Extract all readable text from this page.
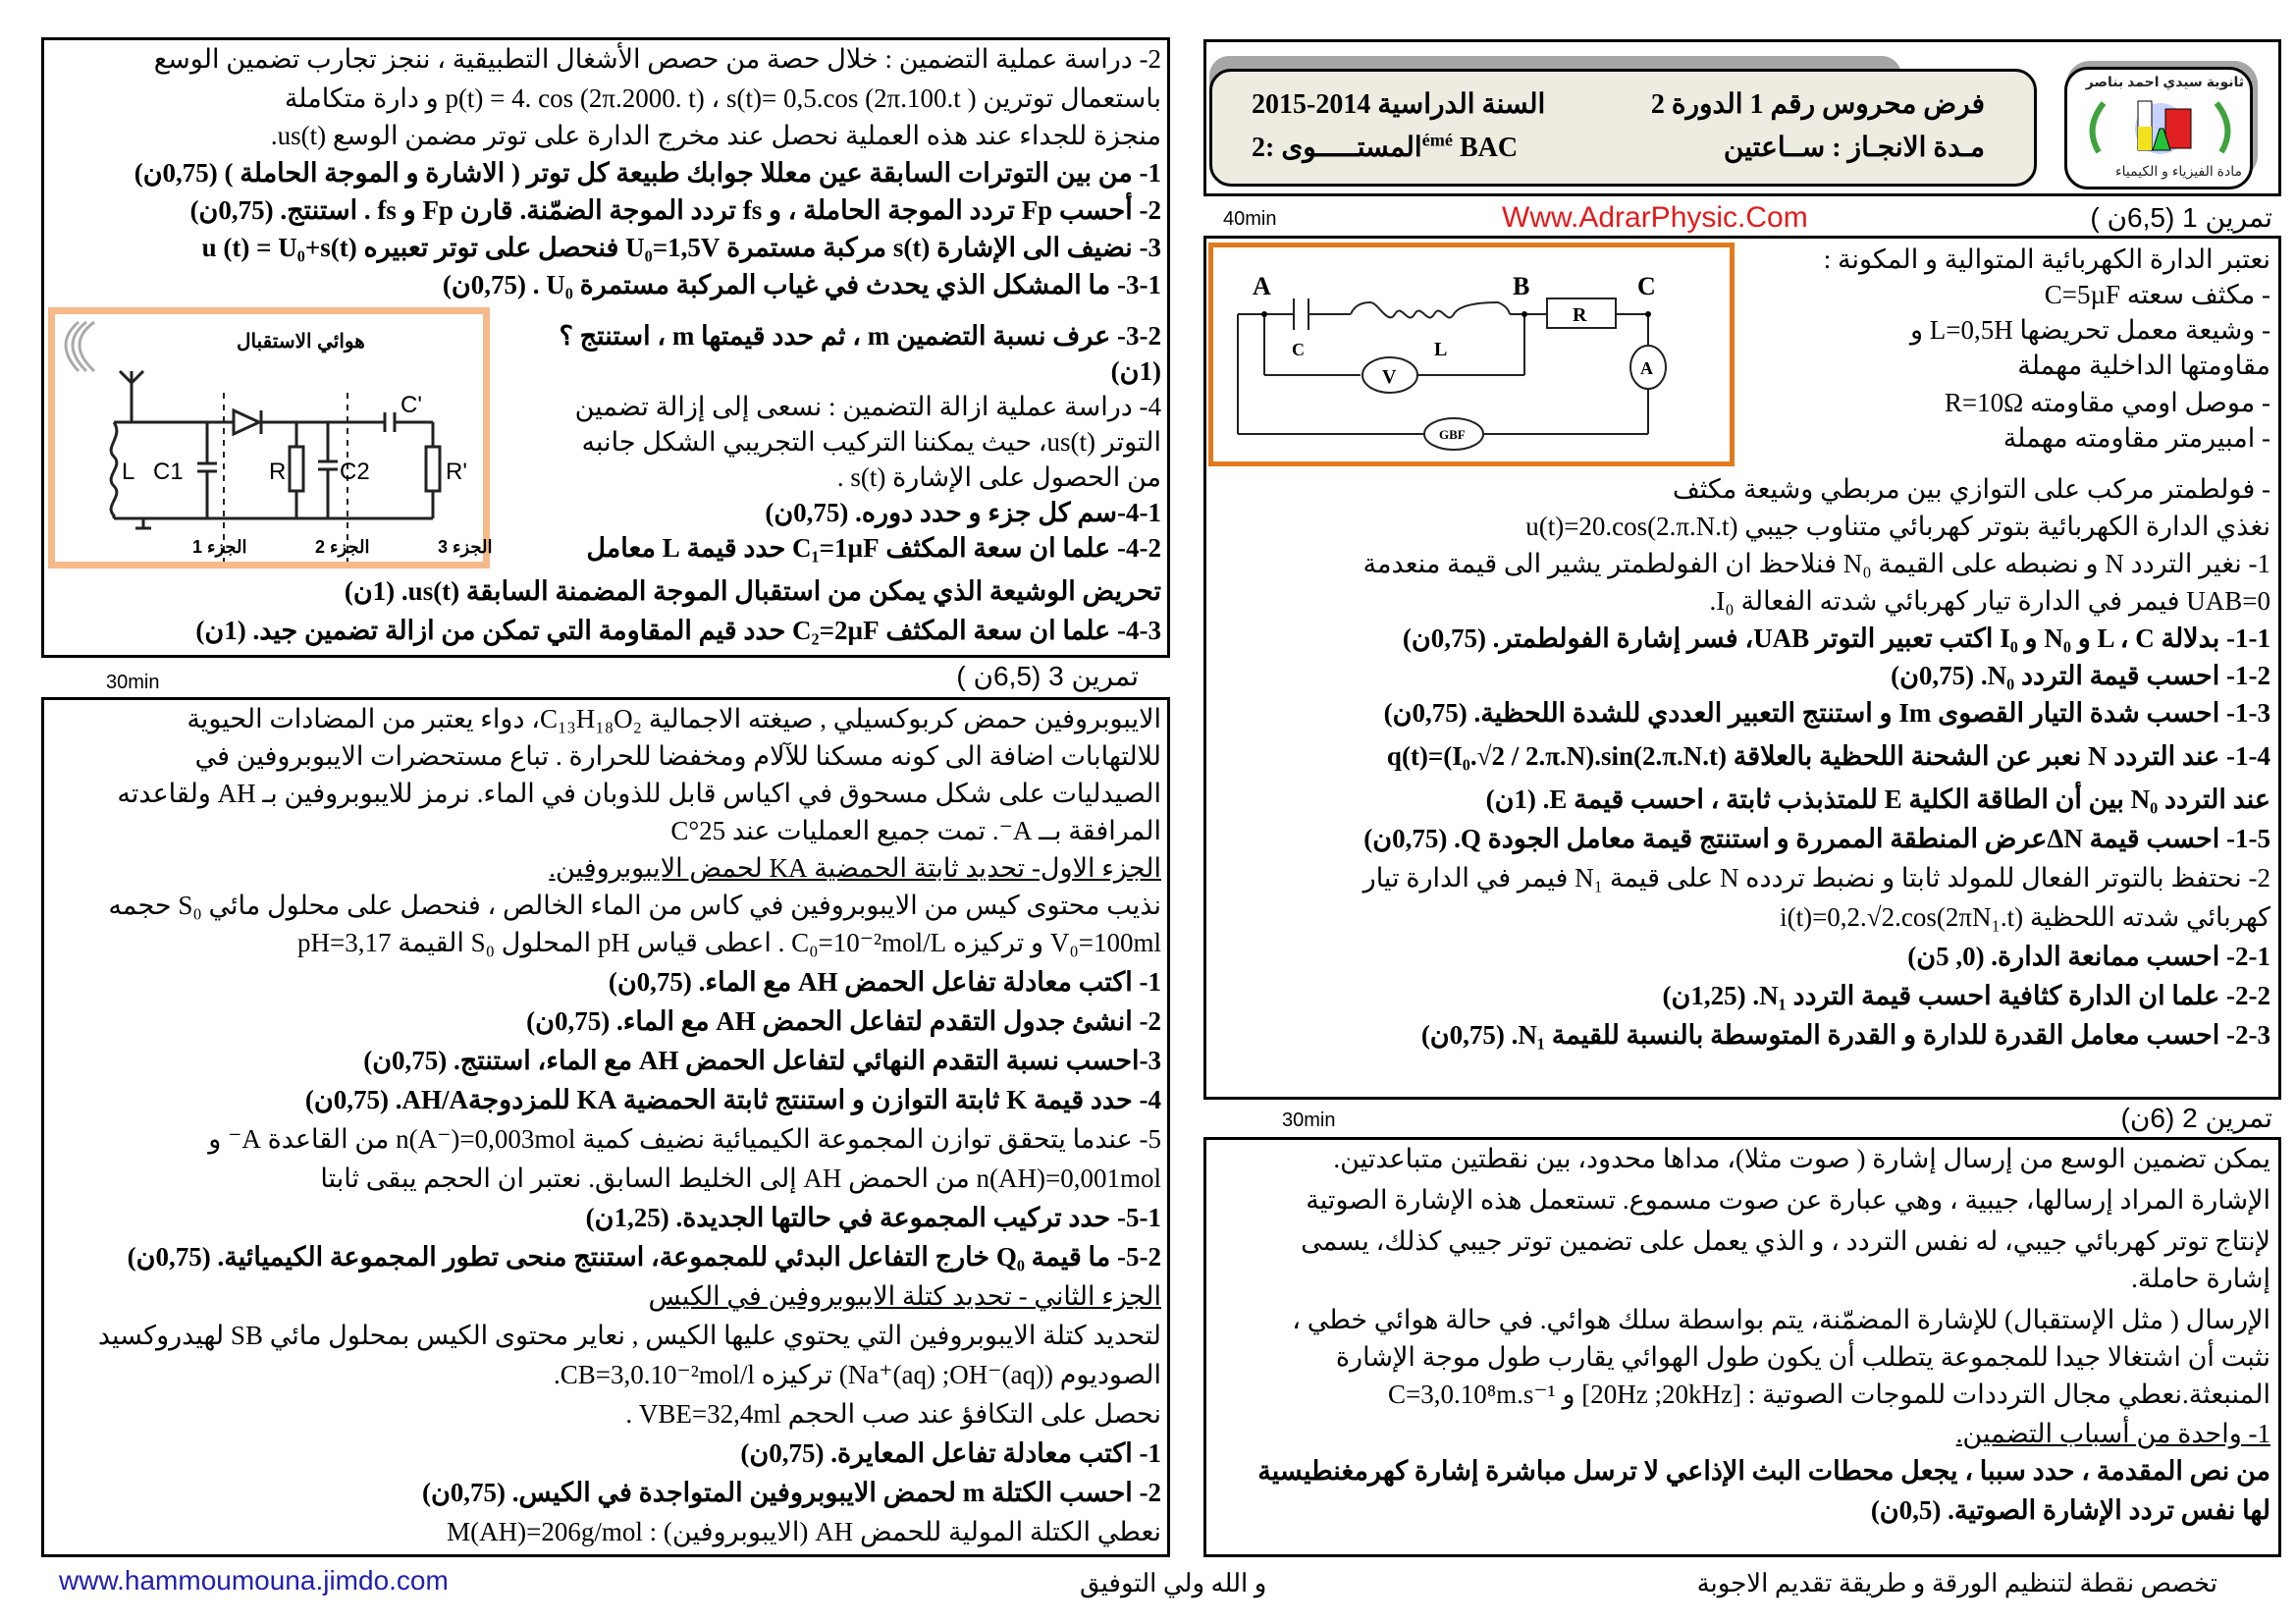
فرض محروس رقم 1 الدورة 2
مـدة الانجـاز : ســاعتين
السنة الدراسية 2014-2015
المستـــــوى $:2^{émé}$ BAC
ثانوية سيدي احمد بناصر
مادة الفيزياء و الكيمياء
تمرين 1 (6,5ن )
Www.AdrarPhysic.Com
40min
A	B	C
C	L
R
V	A
GBF
نعتبر الدارة الكهربائية المتوالية و المكونة :
- مكثف سعته C=5µF
- وشيعة معمل تحريضها L=0,5H و
مقاومتها الداخلية مهملة
- موصل اومي مقاومته R=10Ω
- امبيرمتر مقاومته مهملة
- فولطمتر مركب على التوازي بين مربطي وشيعة مكثف
نغذي الدارة الكهربائية بتوتر كهربائي متناوب جيبي u(t)=20.cos(2.π.N.t)
1- نغير التردد N و نضبطه على القيمة N₀ فنلاحظ ان الفولطمتر يشير الى قيمة منعدمة
UAB=0 فيمر في الدارة تيار كهربائي شدته الفعالة I₀.
1-1- بدلالة L ، C و N₀ و I₀ اكتب تعبير التوتر UAB، فسر إشارة الفولطمتر. (0,75ن)
1-2- احسب قيمة التردد N₀. (0,75ن)
1-3- احسب شدة التيار القصوى Im و استنتج التعبير العددي للشدة اللحظية. (0,75ن)
1-4- عند التردد N نعبر عن الشحنة اللحظية بالعلاقة q(t)=(I₀.√2 / 2.π.N).sin(2.π.N.t)
عند التردد N₀ بين أن الطاقة الكلية E للمتذبذب ثابتة ، احسب قيمة E. (1ن)
1-5- احسب قيمة ΔNعرض المنطقة الممررة و استنتج قيمة معامل الجودة Q. (0,75ن)
2- نحتفظ بالتوتر الفعال للمولد ثابتا و نضبط تردده N على قيمة N₁ فيمر في الدارة تيار
كهربائي شدته اللحظية i(t)=0,2.√2.cos(2πN₁.t)
2-1- احسب ممانعة الدارة. (0, 5ن)
2-2- علما ان الدارة كثافية احسب قيمة التردد N₁. (1,25ن)
2-3- احسب معامل القدرة للدارة و القدرة المتوسطة بالنسبة للقيمة N₁. (0,75ن)
تمرين 2 (6ن)
30min
يمكن تضمين الوسع من إرسال إشارة ( صوت مثلا)، مداها محدود، بين نقطتين متباعدتين.
الإشارة المراد إرسالها، جيبية ، وهي عبارة عن صوت مسموع. تستعمل هذه الإشارة الصوتية
لإنتاج توتر كهربائي جيبي، له نفس التردد ، و الذي يعمل على تضمين توتر جيبي كذلك، يسمى
إشارة حاملة.
الإرسال ( مثل الإستقبال) للإشارة المضمّنة، يتم بواسطة سلك هوائي. في حالة هوائي خطي ،
نثبت أن اشتغالا جيدا للمجموعة يتطلب أن يكون طول الهوائي يقارب طول موجة الإشارة
المنبعثة.نعطي مجال الترددات للموجات الصوتية : [20Hz ;20kHz] و C=3,0.10⁸m.s⁻¹
1- واحدة من أسباب التضمين.
من نص المقدمة ، حدد سببا ، يجعل محطات البث الإذاعي لا ترسل مباشرة إشارة كهرمغنطيسية
لها نفس تردد الإشارة الصوتية. (0,5ن)
تخصص نقطة لتنظيم الورقة و طريقة تقديم الاجوبة
و الله ولي التوفيق
2- دراسة عملية التضمين : خلال حصة من حصص الأشغال التطبيقية ، ننجز تجارب تضمين الوسع
باستعمال توترين ( p(t) = 4. cos (2π.2000. t) ، s(t)= 0,5.cos (2π.100.t و دارة متكاملة
منجزة للجداء عند هذه العملية نحصل عند مخرج الدارة على توتر مضمن الوسع us(t).
1- من بين التوترات السابقة عين معللا جوابك طبيعة كل توتر ( الاشارة و الموجة الحاملة ) (0,75ن)
2- أحسب Fp تردد الموجة الحاملة ، و fs تردد الموجة الضمّنة. قارن Fp و fs . استنتج. (0,75ن)
3- نضيف الى الإشارة s(t) مركبة مستمرة U₀=1,5V فنحصل على توتر تعبيره u (t) = U₀+s(t)
3-1- ما المشكل الذي يحدث في غياب المركبة مستمرة U₀ . (0,75ن)
3-2- عرف نسبة التضمين m ، ثم حدد قيمتها m ، استنتج ؟
(1ن)
4- دراسة عملية ازالة التضمين : نسعى إلى إزالة تضمين
التوتر us(t)، حيث يمكننا التركيب التجريبي الشكل جانبه
من الحصول على الإشارة s(t) .
4-1-سم كل جزء و حدد دوره. (0,75ن)
4-2- علما ان سعة المكثف C₁=1µF حدد قيمة L معامل
تحريض الوشيعة الذي يمكن من استقبال الموجة المضمنة السابقة us(t). (1ن)
4-3- علما ان سعة المكثف C₂=2µF حدد قيم المقاومة التي تمكن من ازالة تضمين جيد. (1ن)
هوائي الاستقبال
L C1	R C2
C'
R'
الجزء 1	الجزء 2	الجزء 3
تمرين 3 (6,5ن )
30min
الايبوبروفين حمض كربوكسيلي , صيغته الاجمالية C₁₃H₁₈O₂، دواء يعتبر من المضادات الحيوية
للالتهابات اضافة الى كونه مسكنا للآلام ومخفضا للحرارة . تباع مستحضرات الايبوبروفين في
الصيدليات على شكل مسحوق في اكياس قابل للذوبان في الماء. نرمز للايبوبروفين بـ AH ولقاعدته
المرافقة بــ A⁻. تمت جميع العمليات عند 25°C
الجزء الاول- تحديد ثابتة الحمضية KA لحمض الايبوبروفين.
نذيب محتوى كيس من الايبوبروفين في كاس من الماء الخالص ، فنحصل على محلول مائي S₀ حجمه
V₀=100ml و تركيزه C₀=10⁻²mol/L . اعطى قياس pH المحلول S₀ القيمة pH=3,17
1- اكتب معادلة تفاعل الحمض AH مع الماء. (0,75ن)
2- انشئ جدول التقدم لتفاعل الحمض AH مع الماء. (0,75ن)
3-احسب نسبة التقدم النهائي لتفاعل الحمض AH مع الماء، استنتج. (0,75ن)
4- حدد قيمة K ثابتة التوازن و استنتج ثابتة الحمضية KA للمزدوجةAH/A. (0,75ن)
5- عندما يتحقق توازن المجموعة الكيميائية نضيف كمية n(A⁻)=0,003mol من القاعدة A⁻ و
n(AH)=0,001mol من الحمض AH إلى الخليط السابق. نعتبر ان الحجم يبقى ثابتا
5-1- حدد تركيب المجموعة في حالتها الجديدة. (1,25ن)
5-2- ما قيمة Q₀ خارج التفاعل البدئي للمجموعة، استنتج منحى تطور المجموعة الكيميائية. (0,75ن)
الجزء الثاني - تحديد كتلة الايبوبروفين في الكيس
لتحديد كتلة الايبوبروفين التي يحتوي عليها الكيس , نعاير محتوى الكيس بمحلول مائي SB لهيدروكسيد
الصوديوم (Na⁺(aq) ;OH⁻(aq)) تركيزه CB=3,0.10⁻²mol/l.
نحصل على التكافؤ عند صب الحجم VBE=32,4ml .
1- اكتب معادلة تفاعل المعايرة. (0,75ن)
2- احسب الكتلة m لحمض الايبوبروفين المتواجدة في الكيس. (0,75ن)
نعطي الكتلة المولية للحمض AH (الايبوبروفين) : M(AH)=206g/mol
www.hammoumouna.jimdo.com
